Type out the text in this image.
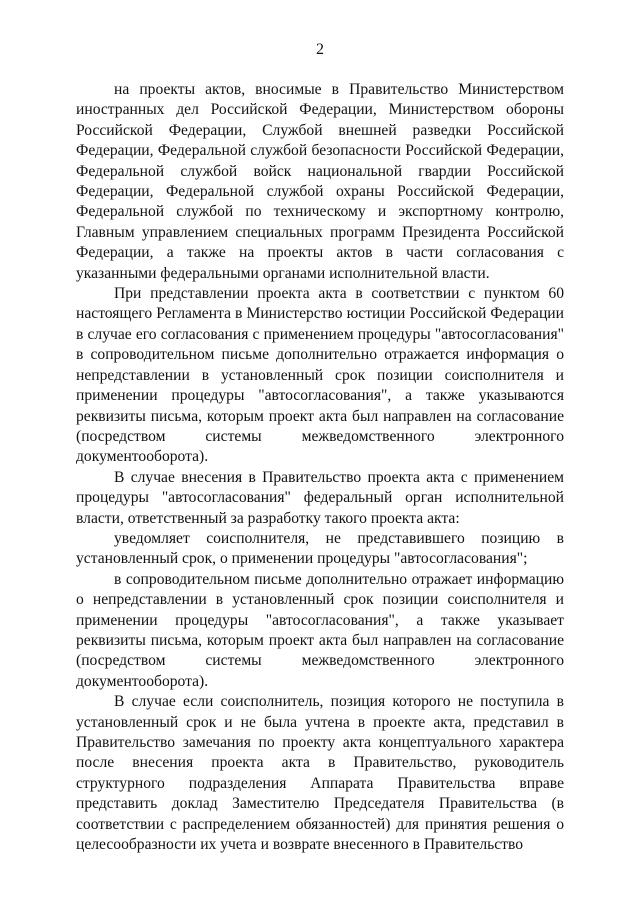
2

на проекты актов, вносимые в Правительство Министерством иностранных дел Российской Федерации, Министерством обороны Российской Федерации, Службой внешней разведки Российской Федерации, Федеральной службой безопасности Российской Федерации, Федеральной службой войск национальной гвардии Российской Федерации, Федеральной службой охраны Российской Федерации, Федеральной службой по техническому и экспортному контролю, Главным управлением специальных программ Президента Российской Федерации, а также на проекты актов в части согласования с указанными федеральными органами исполнительной власти.

При представлении проекта акта в соответствии с пунктом 60 настоящего Регламента в Министерство юстиции Российской Федерации в случае его согласования с применением процедуры "автосогласования" в сопроводительном письме дополнительно отражается информация о непредставлении в установленный срок позиции соисполнителя и применении процедуры "автосогласования", а также указываются реквизиты письма, которым проект акта был направлен на согласование (посредством системы межведомственного электронного документооборота).

В случае внесения в Правительство проекта акта с применением процедуры "автосогласования" федеральный орган исполнительной власти, ответственный за разработку такого проекта акта:

уведомляет соисполнителя, не представившего позицию в установленный срок, о применении процедуры "автосогласования";

в сопроводительном письме дополнительно отражает информацию о непредставлении в установленный срок позиции соисполнителя и применении процедуры "автосогласования", а также указывает реквизиты письма, которым проект акта был направлен на согласование (посредством системы межведомственного электронного документооборота).

В случае если соисполнитель, позиция которого не поступила в установленный срок и не была учтена в проекте акта, представил в Правительство замечания по проекту акта концептуального характера после внесения проекта акта в Правительство, руководитель структурного подразделения Аппарата Правительства вправе представить доклад Заместителю Председателя Правительства (в соответствии с распределением обязанностей) для принятия решения о целесообразности их учета и возврате внесенного в Правительство
